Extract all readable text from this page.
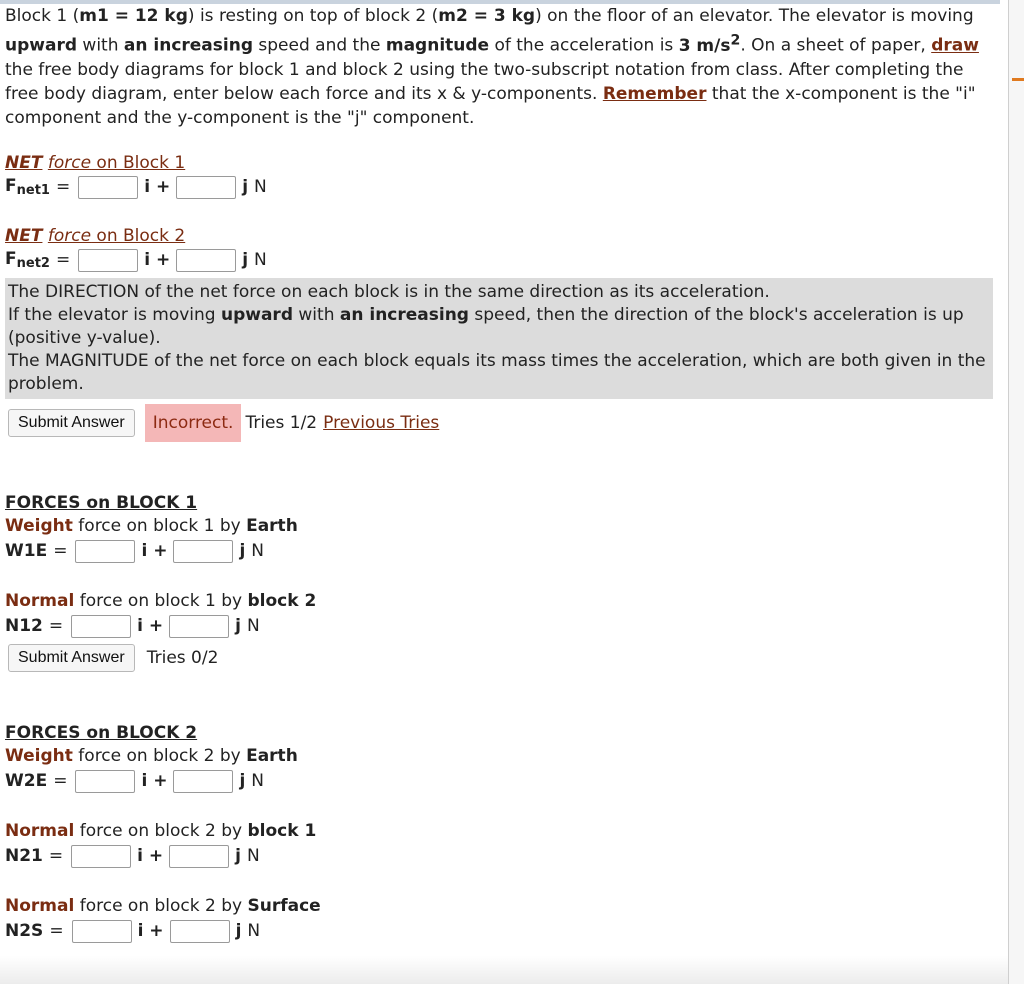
Block 1 (m1 = 12 kg) is resting on top of block 2 (m2 = 3 kg) on the floor of an elevator. The elevator is moving upward with an increasing speed and the magnitude of the acceleration is 3 $m/s^2$. On a sheet of paper, draw the free body diagrams for block 1 and block 2 using the two-subscript notation from class. After completing the free body diagram, enter below each force and its x & y-components. Remember that the x-component is the "i" component and the y-component is the "j" component.

NET force on Block 1
$F_{net1}$ =	i +	j N
NET force on Block 2
$F_{net2}$ =	i +	j N
The DIRECTION of the net force on each block is in the same direction as its acceleration.
If the elevator is moving upward with an increasing speed, then the direction of the block's acceleration is up (positive y-value).
The MAGNITUDE of the net force on each block equals its mass times the acceleration, which are both given in the problem.
Submit Answer	Incorrect. Tries 1/2 Previous Tries
FORCES on BLOCK 1
Weight force on block 1 by Earth
W1E =	i +	j N
Normal force on block 1 by block 2
N12 =	i +	j N
Submit Answer	Tries 0/2
FORCES on BLOCK 2
Weight force on block 2 by Earth
W2E =	i +	j N
Normal force on block 2 by block 1
N21 =	i +	j N
Normal force on block 2 by Surface
N2S =	i +	j N
